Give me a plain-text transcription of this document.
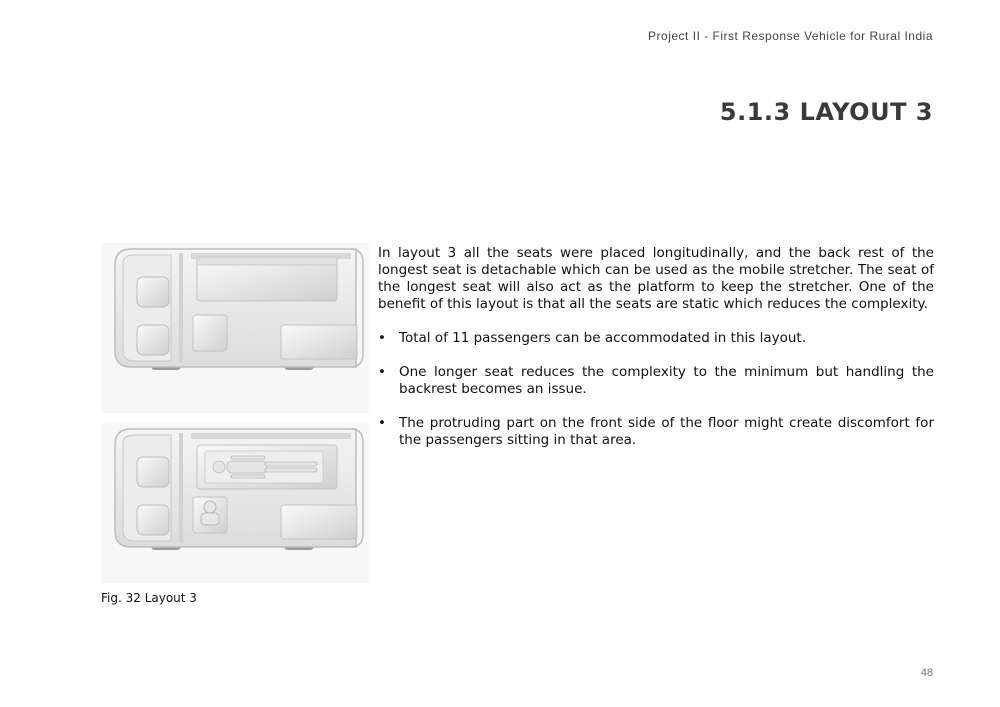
Project II - First Response Vehicle for Rural India
5.1.3 LAYOUT 3
Fig. 32 Layout 3

In layout 3 all the seats were placed longitudinally, and the back rest of the longest seat is detachable which can be used as the mobile stretcher. The seat of the longest seat will also act as the platform to keep the stretcher. One of the benefit of this layout is that all the seats are static which reduces the complexity.

• Total of 11 passengers can be accommodated in this layout.
• One longer seat reduces the complexity to the minimum but handling the backrest becomes an issue.
• The protruding part on the front side of the floor might create discomfort for the passengers sitting in that area.
48
